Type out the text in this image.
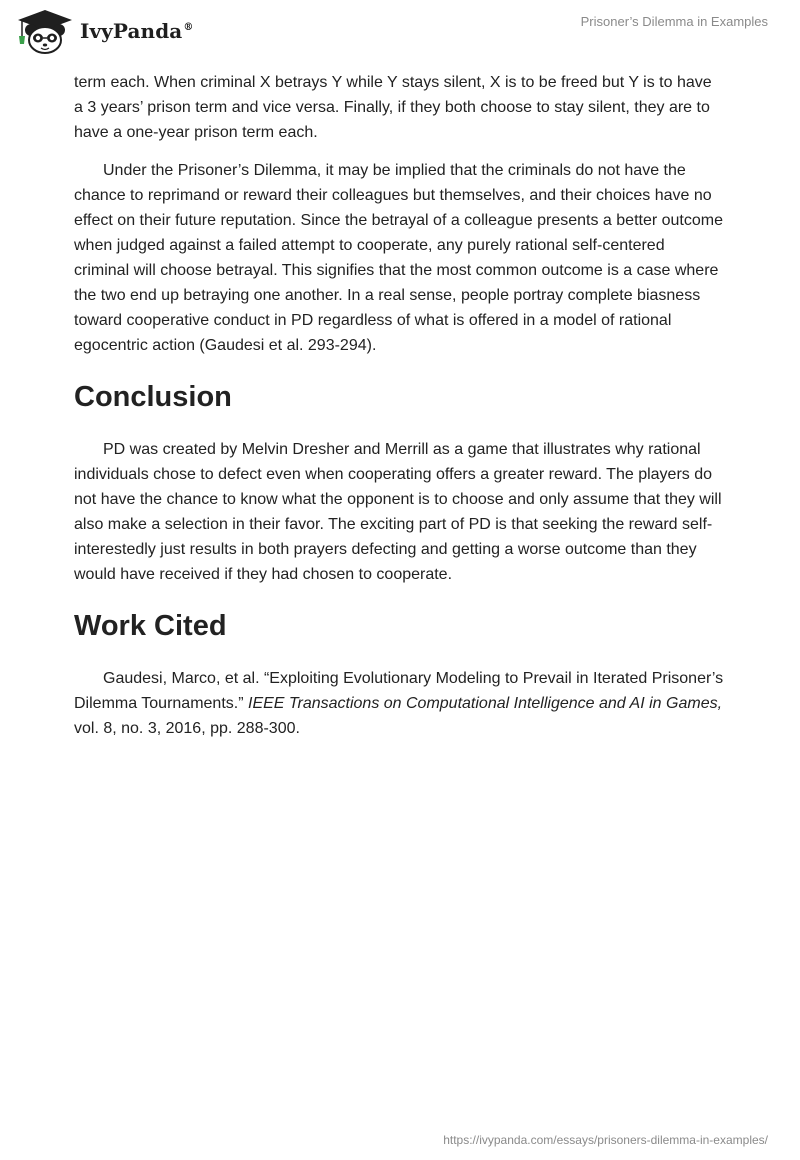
IvyPanda®	Prisoner’s Dilemma in Examples

term each. When criminal X betrays Y while Y stays silent, X is to be freed but Y is to have a 3 years’ prison term and vice versa. Finally, if they both choose to stay silent, they are to have a one-year prison term each.

Under the Prisoner’s Dilemma, it may be implied that the criminals do not have the chance to reprimand or reward their colleagues but themselves, and their choices have no effect on their future reputation. Since the betrayal of a colleague presents a better outcome when judged against a failed attempt to cooperate, any purely rational self-centered criminal will choose betrayal. This signifies that the most common outcome is a case where the two end up betraying one another. In a real sense, people portray complete biasness toward cooperative conduct in PD regardless of what is offered in a model of rational egocentric action (Gaudesi et al. 293-294).

Conclusion

PD was created by Melvin Dresher and Merrill as a game that illustrates why rational individuals chose to defect even when cooperating offers a greater reward. The players do not have the chance to know what the opponent is to choose and only assume that they will also make a selection in their favor. The exciting part of PD is that seeking the reward self-interestedly just results in both prayers defecting and getting a worse outcome than they would have received if they had chosen to cooperate.

Work Cited

Gaudesi, Marco, et al. “Exploiting Evolutionary Modeling to Prevail in Iterated Prisoner’s Dilemma Tournaments.” IEEE Transactions on Computational Intelligence and AI in Games, vol. 8, no. 3, 2016, pp. 288-300.

https://ivypanda.com/essays/prisoners-dilemma-in-examples/
